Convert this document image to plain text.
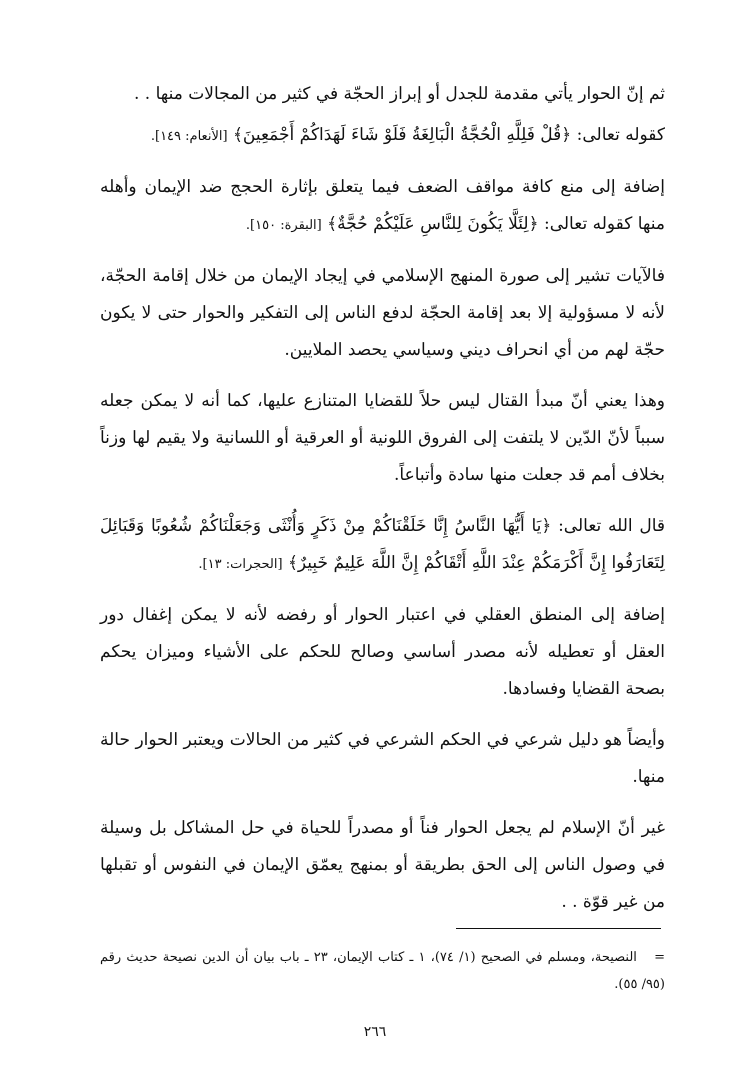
ثم إنّ الحوار يأتي مقدمة للجدل أو إبراز الحجّة في كثير من المجالات منها . .

كقوله تعالى: ﴿قُلْ فَلِلَّهِ الْحُجَّةُ الْبَالِغَةُ فَلَوْ شَاءَ لَهَدَاكُمْ أَجْمَعِينَ﴾ [الأنعام: ١٤٩].

إضافة إلى منع كافة مواقف الضعف فيما يتعلق بإثارة الحجج ضد الإيمان وأهله منها كقوله تعالى: ﴿لِئَلَّا يَكُونَ لِلنَّاسِ عَلَيْكُمْ حُجَّةٌ﴾ [البقرة: ١٥٠].

فالآيات تشير إلى صورة المنهج الإسلامي في إيجاد الإيمان من خلال إقامة الحجّة، لأنه لا مسؤولية إلا بعد إقامة الحجّة لدفع الناس إلى التفكير والحوار حتى لا يكون حجّة لهم من أي انحراف ديني وسياسي يحصد الملايين.

وهذا يعني أنّ مبدأ القتال ليس حلاً للقضايا المتنازع عليها، كما أنه لا يمكن جعله سبباً لأنّ الدّين لا يلتفت إلى الفروق اللونية أو العرقية أو اللسانية ولا يقيم لها وزناً بخلاف أمم قد جعلت منها سادة وأتباعاً.

قال الله تعالى: ﴿يَا أَيُّهَا النَّاسُ إِنَّا خَلَقْنَاكُمْ مِنْ ذَكَرٍ وَأُنْثَى وَجَعَلْنَاكُمْ شُعُوبًا وَقَبَائِلَ لِتَعَارَفُوا إِنَّ أَكْرَمَكُمْ عِنْدَ اللَّهِ أَتْقَاكُمْ إِنَّ اللَّهَ عَلِيمٌ خَبِيرٌ﴾ [الحجرات: ١٣].

إضافة إلى المنطق العقلي في اعتبار الحوار أو رفضه لأنه لا يمكن إغفال دور العقل أو تعطيله لأنه مصدر أساسي وصالح للحكم على الأشياء وميزان يحكم بصحة القضايا وفسادها.

وأيضاً هو دليل شرعي في الحكم الشرعي في كثير من الحالات ويعتبر الحوار حالة منها.

غير أنّ الإسلام لم يجعل الحوار فناً أو مصدراً للحياة في حل المشاكل بل وسيلة في وصول الناس إلى الحق بطريقة أو بمنهج يعمّق الإيمان في النفوس أو تقبلها من غير قوّة . .

= النصيحة، ومسلم في الصحيح (١/ ٧٤)، ١ ـ كتاب الإيمان، ٢٣ ـ باب بيان أن الدين نصيحة حديث رقم (٩٥/ ٥٥).
٢٦٦
